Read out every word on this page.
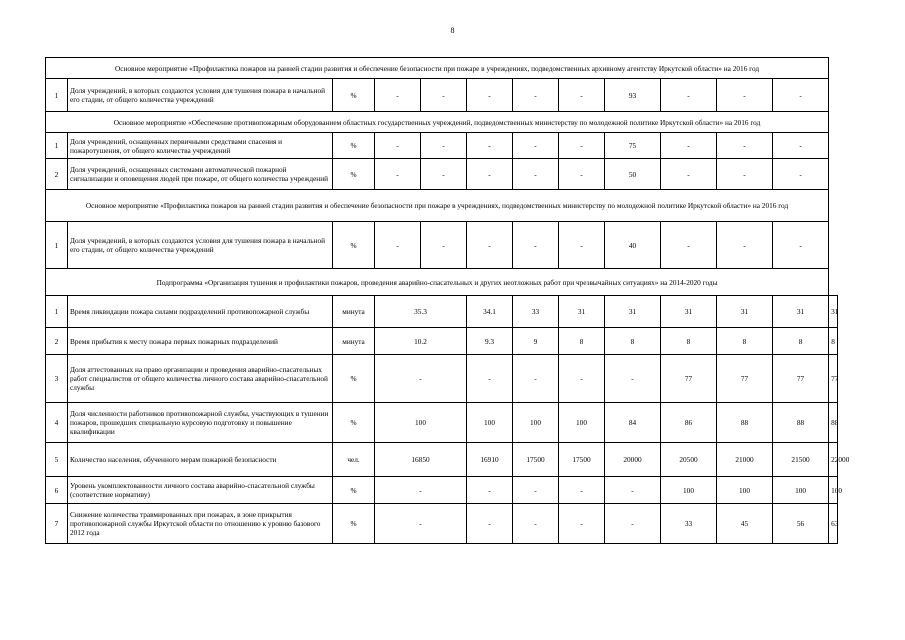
8
Основное мероприятие «Профилактика пожаров на ранней стадии развития и обеспечение безопасности при пожаре в учреждениях, подведомственных архивному агентству Иркутской области» на 2016 год												
1	Доля учреждений, в которых создаются условия для тушения пожара в начальной его стадии, от общего количества учреждений	%	-	-	-	-	-	93	-	-	-	
Основное мероприятие «Обеспечение противопожарным оборудованием областных государственных учреждений, подведомственных министерству по молодежной политике Иркутской области» на 2016 год												
1	Доля учреждений, оснащенных первичными средствами спасения и пожаротушения, от общего количества учреждений	%	-	-	-	-	-	75	-	-	-	
2	Доля учреждений, оснащенных системами автоматической пожарной сигнализации и оповещения людей при пожаре, от общего количества учреждений	%	-	-	-	-	-	50	-	-	-	
Основное мероприятие «Профилактика пожаров на ранней стадии развития и обеспечение безопасности при пожаре в учреждениях, подведомственных министерству по молодежной политике Иркутской области» на 2016 год												
1	Доля учреждений, в которых создаются условия для тушения пожара в начальной его стадии, от общего количества учреждений	%	-	-	-	-	-	40	-	-	-	
Подпрограмма «Организация тушения и профилактики пожаров, проведения аварийно-спасательных и других неотложных работ при чрезвычайных ситуациях» на 2014-2020 годы												
1	Время ликвидации пожара силами подразделений противопожарной службы	минута	35.3		34.1	33	31	31	31	31	31	31
2	Время прибытия к месту пожара первых пожарных подразделений	минута	10.2		9.3	9	8	8	8	8	8	8
3	Доля аттестованных на право организации и проведения аварийно-спасательных работ специалистов от общего количества личного состава аварийно-спасательной службы	%	-		-	-	-	-	77	77	77	77
4	Доля численности работников противопожарной службы, участвующих в тушении пожаров, прошедших специальную курсовую подготовку и повышение квалификации	%	100		100	100	100	84	86	88	88	88
5	Количество населения, обученного мерам пожарной безопасности	чел.	16850		16910	17500	17500	20000	20500	21000	21500	22000
6	Уровень укомплектованности личного состава аварийно-спасательной службы (соответствие нормативу)	%	-		-	-	-	-	100	100	100	100
7	Снижение количества травмированных при пожарах, в зоне прикрытия противопожарной службы Иркутской области по отношению к уровню базового 2012 года	%	-		-	-	-	-	33	45	56	63
